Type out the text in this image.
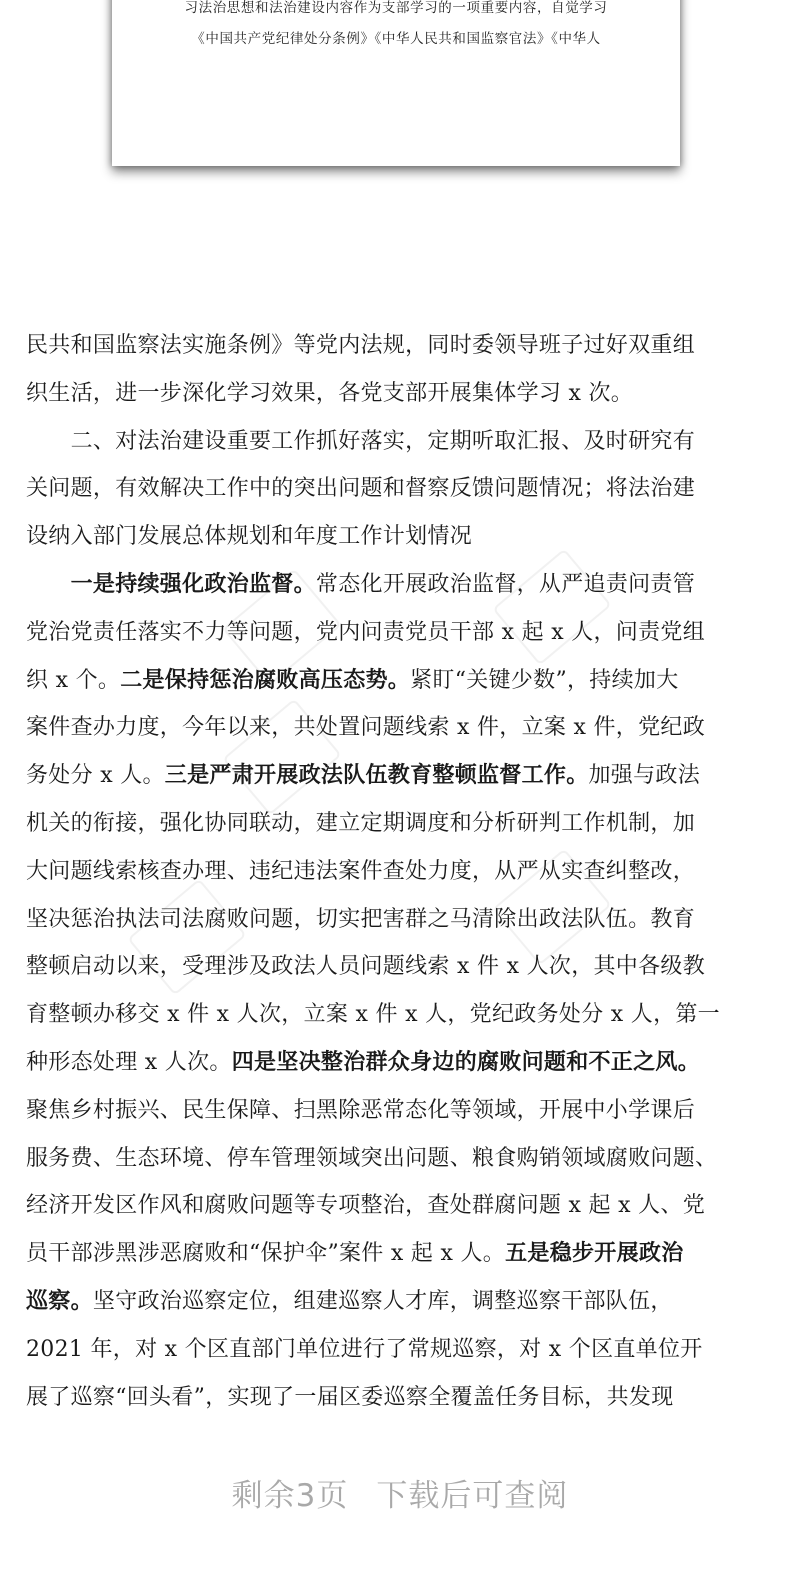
习法治思想和法治建设内容作为支部学习的一项重要内容，自觉学习
《中国共产党纪律处分条例》《中华人民共和国监察官法》《中华人
民共和国监察法实施条例》等党内法规，同时委领导班子过好双重组
织生活，进一步深化学习效果，各党支部开展集体学习 x 次。
　　二、对法治建设重要工作抓好落实，定期听取汇报、及时研究有
关问题，有效解决工作中的突出问题和督察反馈问题情况；将法治建
设纳入部门发展总体规划和年度工作计划情况
　　一是持续强化政治监督。常态化开展政治监督，从严追责问责管
党治党责任落实不力等问题，党内问责党员干部 x 起 x 人，问责党组
织 x 个。二是保持惩治腐败高压态势。紧盯“关键少数”，持续加大
案件查办力度，今年以来，共处置问题线索 x 件，立案 x 件，党纪政
务处分 x 人。三是严肃开展政法队伍教育整顿监督工作。加强与政法
机关的衔接，强化协同联动，建立定期调度和分析研判工作机制，加
大问题线索核查办理、违纪违法案件查处力度，从严从实查纠整改，
坚决惩治执法司法腐败问题，切实把害群之马清除出政法队伍。教育
整顿启动以来，受理涉及政法人员问题线索 x 件 x 人次，其中各级教
育整顿办移交 x 件 x 人次，立案 x 件 x 人，党纪政务处分 x 人，第一
种形态处理 x 人次。四是坚决整治群众身边的腐败问题和不正之风。
聚焦乡村振兴、民生保障、扫黑除恶常态化等领域，开展中小学课后
服务费、生态环境、停车管理领域突出问题、粮食购销领域腐败问题、
经济开发区作风和腐败问题等专项整治，查处群腐问题 x 起 x 人、党
员干部涉黑涉恶腐败和“保护伞”案件 x 起 x 人。五是稳步开展政治
巡察。坚守政治巡察定位，组建巡察人才库，调整巡察干部队伍，
2021 年，对 x 个区直部门单位进行了常规巡察，对 x 个区直单位开
展了巡察“回头看”，实现了一届区委巡察全覆盖任务目标，共发现
剩余3页 下载后可查阅
